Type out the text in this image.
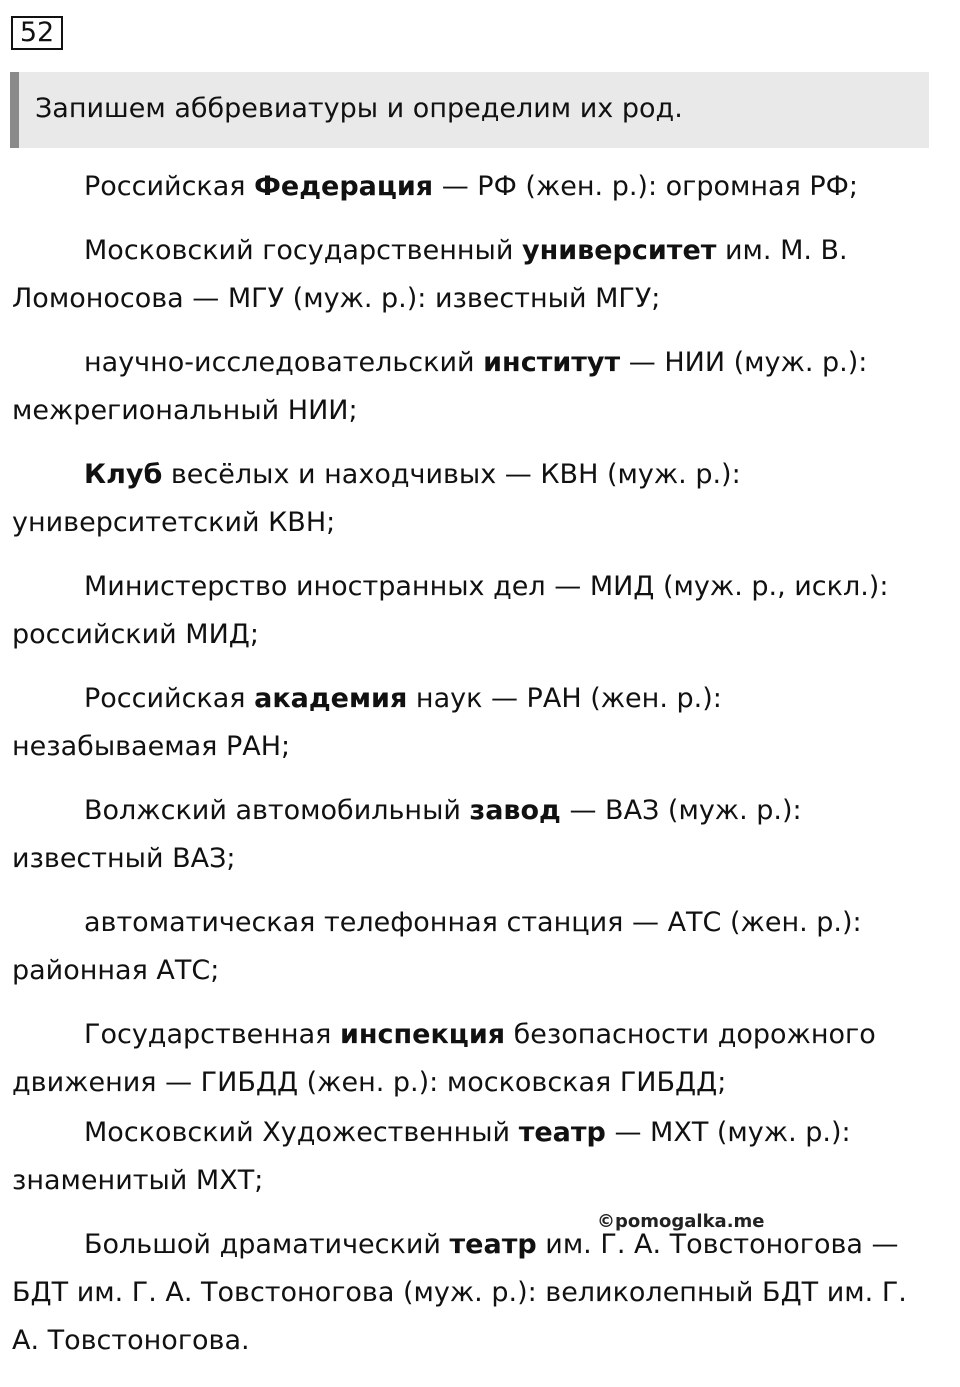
52
Запишем аббревиатуры и определим их род.

Российская Федерация — РФ (жен. р.): огромная РФ;

Московский государственный университет им. М. В. Ломоносова — МГУ (муж. р.): известный МГУ;

научно-исследовательский институт — НИИ (муж. р.): межрегиональный НИИ;

Клуб весёлых и находчивых — КВН (муж. р.): университетский КВН;

Министерство иностранных дел — МИД (муж. р., искл.): российский МИД;

Российская академия наук — РАН (жен. р.): незабываемая РАН;

Волжский автомобильный завод — ВАЗ (муж. р.): известный ВАЗ;

автоматическая телефонная станция — АТС (жен. р.): районная АТС;

Государственная инспекция безопасности дорожного движения — ГИБДД (жен. р.): московская ГИБДД;

Московский Художественный театр — МХТ (муж. р.): знаменитый МХТ;

Большой драматический театр им. Г. А. Товстоногова — БДТ им. Г. А. Товстоногова (муж. р.): великолепный БДТ им. Г. А. Товстоногова.

©pomogalka.me
